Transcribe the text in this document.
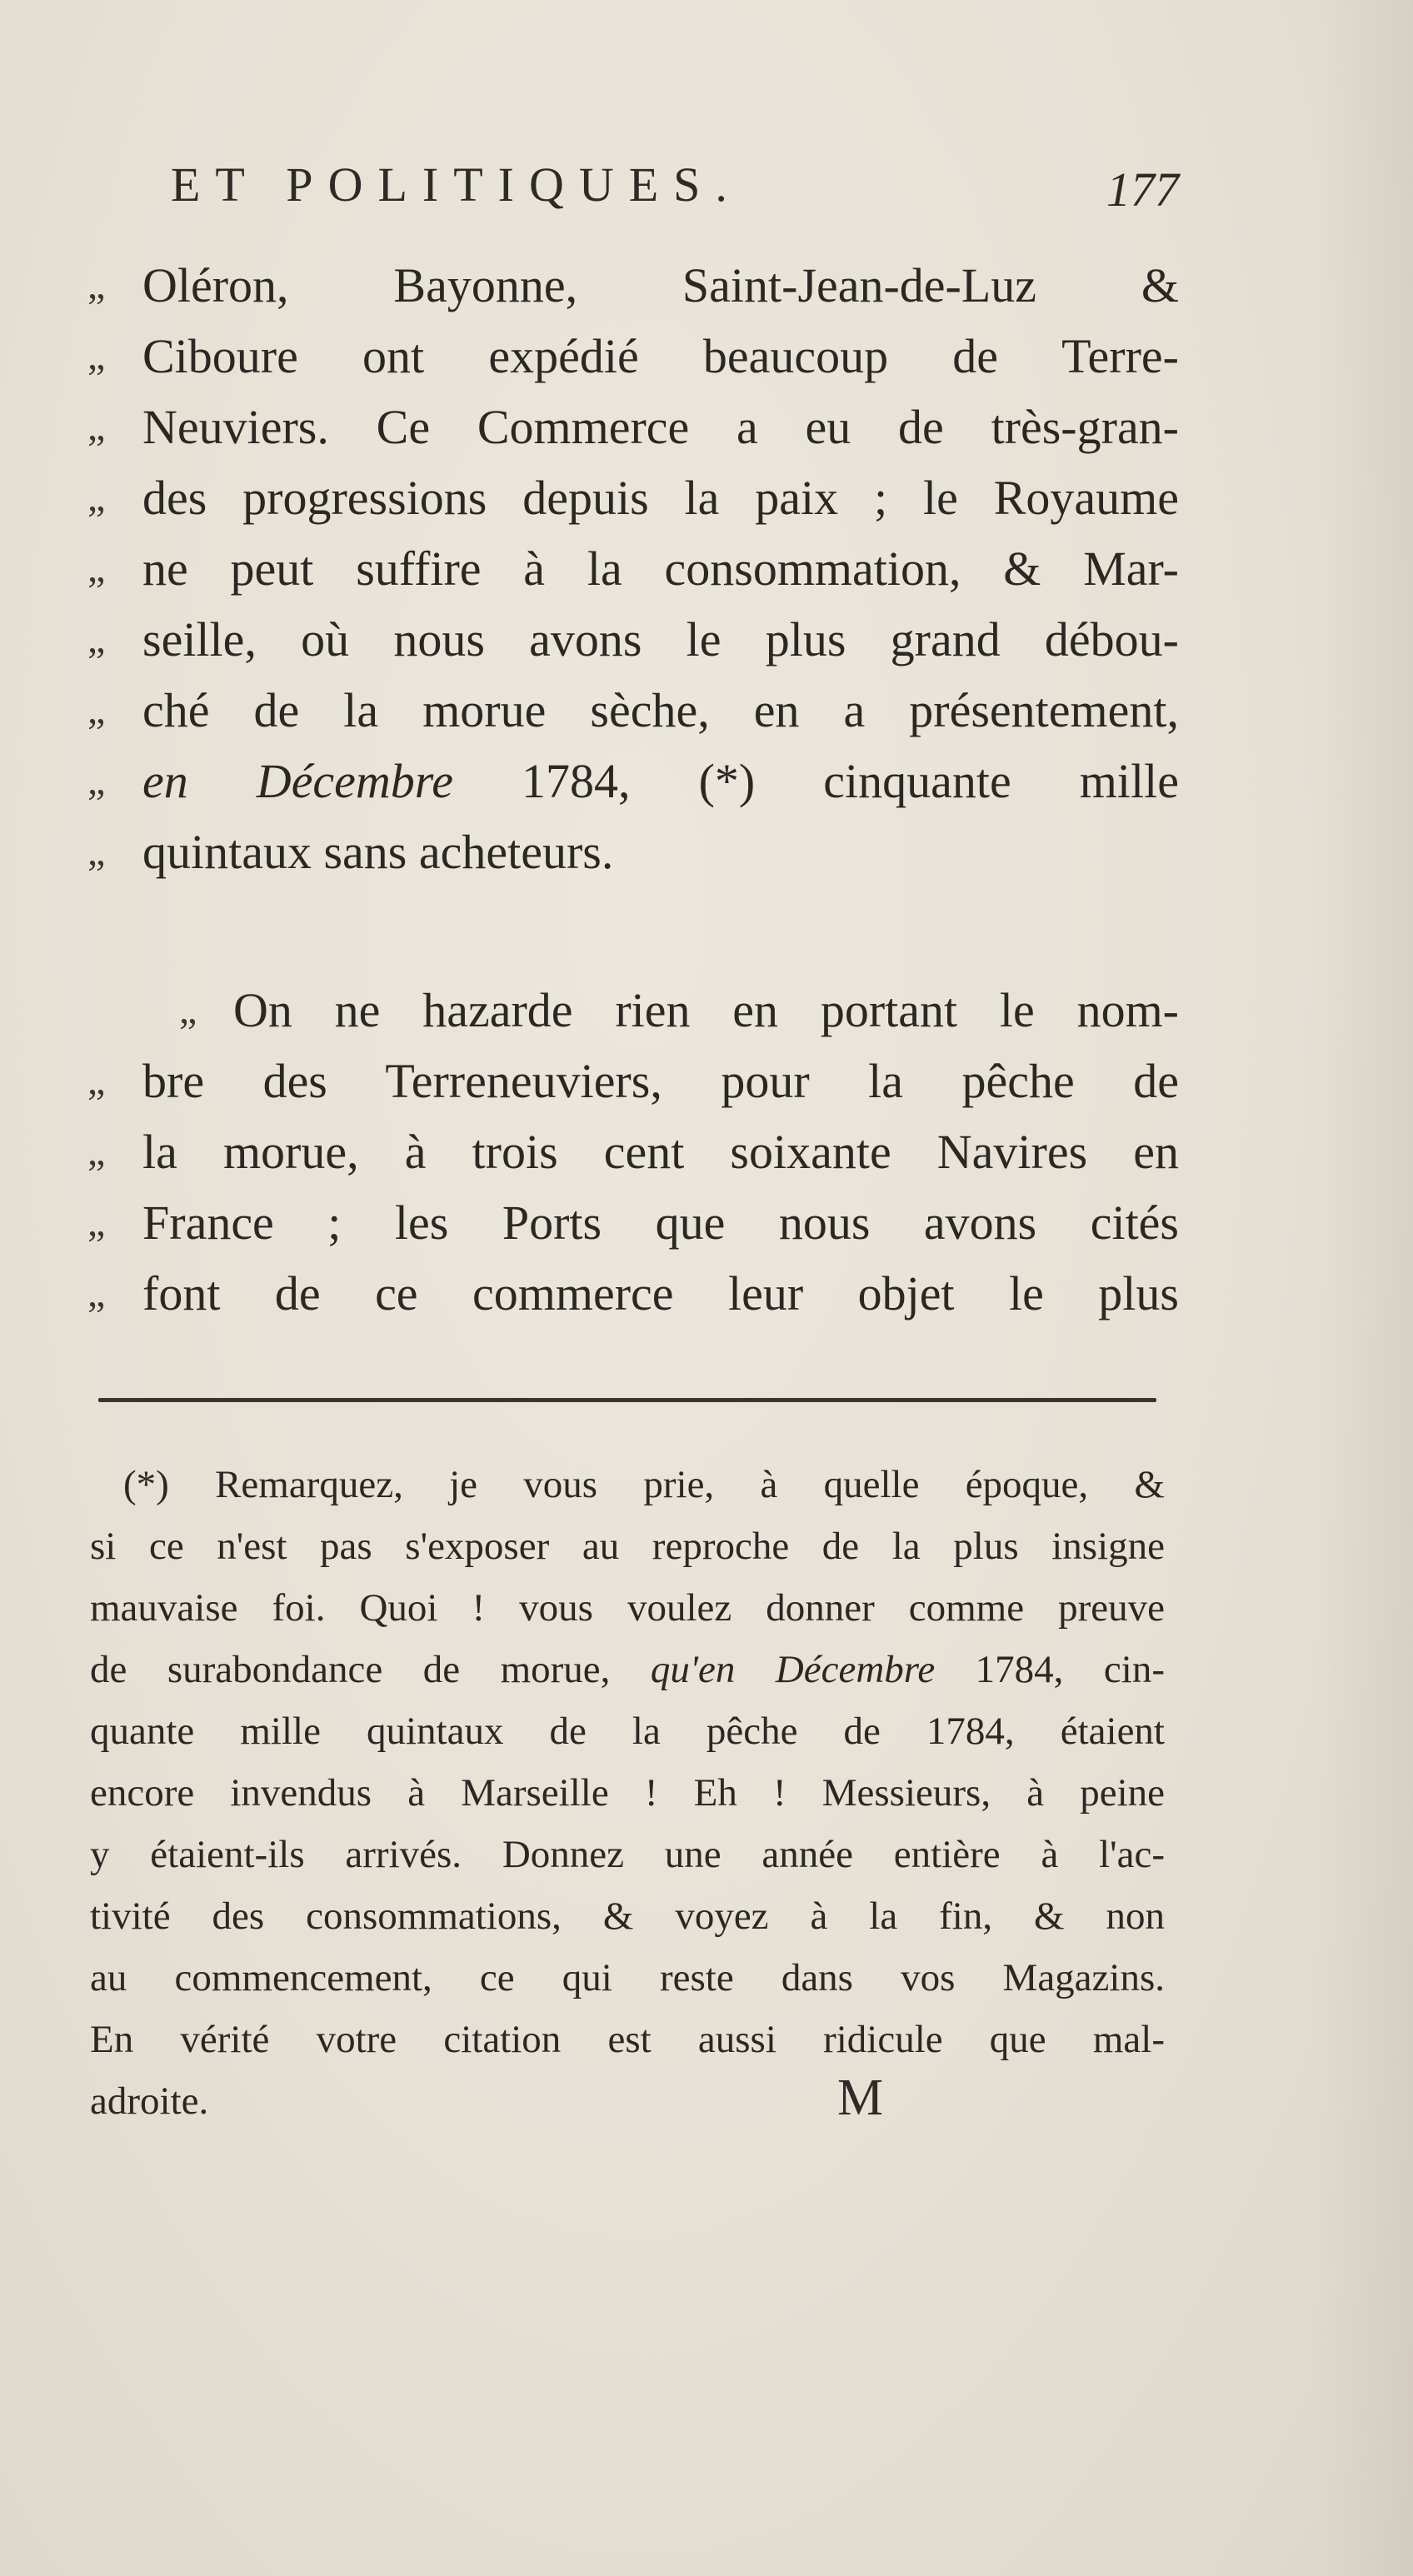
ET POLITIQUES.	177
„ Oléron, Bayonne, Saint-Jean-de-Luz &
„ Ciboure ont expédié beaucoup de Terre-
„ Neuviers. Ce Commerce a eu de très-gran-
„ des progressions depuis la paix ; le Royaume
„ ne peut suffire à la consommation, & Mar-
„ seille, où nous avons le plus grand débou-
„ ché de la morue sèche, en a présentement,
„ en Décembre 1784, (*) cinquante mille
„ quintaux sans acheteurs.
„ On ne hazarde rien en portant le nom-
„ bre des Terreneuviers, pour la pêche de
„ la morue, à trois cent soixante Navires en
„ France ; les Ports que nous avons cités
„ font de ce commerce leur objet le plus
(*) Remarquez, je vous prie, à quelle époque, &
si ce n'est pas s'exposer au reproche de la plus insigne
mauvaise foi. Quoi ! vous voulez donner comme preuve
de surabondance de morue, qu'en Décembre 1784, cin-
quante mille quintaux de la pêche de 1784, étaient
encore invendus à Marseille ! Eh ! Messieurs, à peine
y étaient-ils arrivés. Donnez une année entière à l'ac-
tivité des consommations, & voyez à la fin, & non
au commencement, ce qui reste dans vos Magazins.
En vérité votre citation est aussi ridicule que mal-
adroite.	M
